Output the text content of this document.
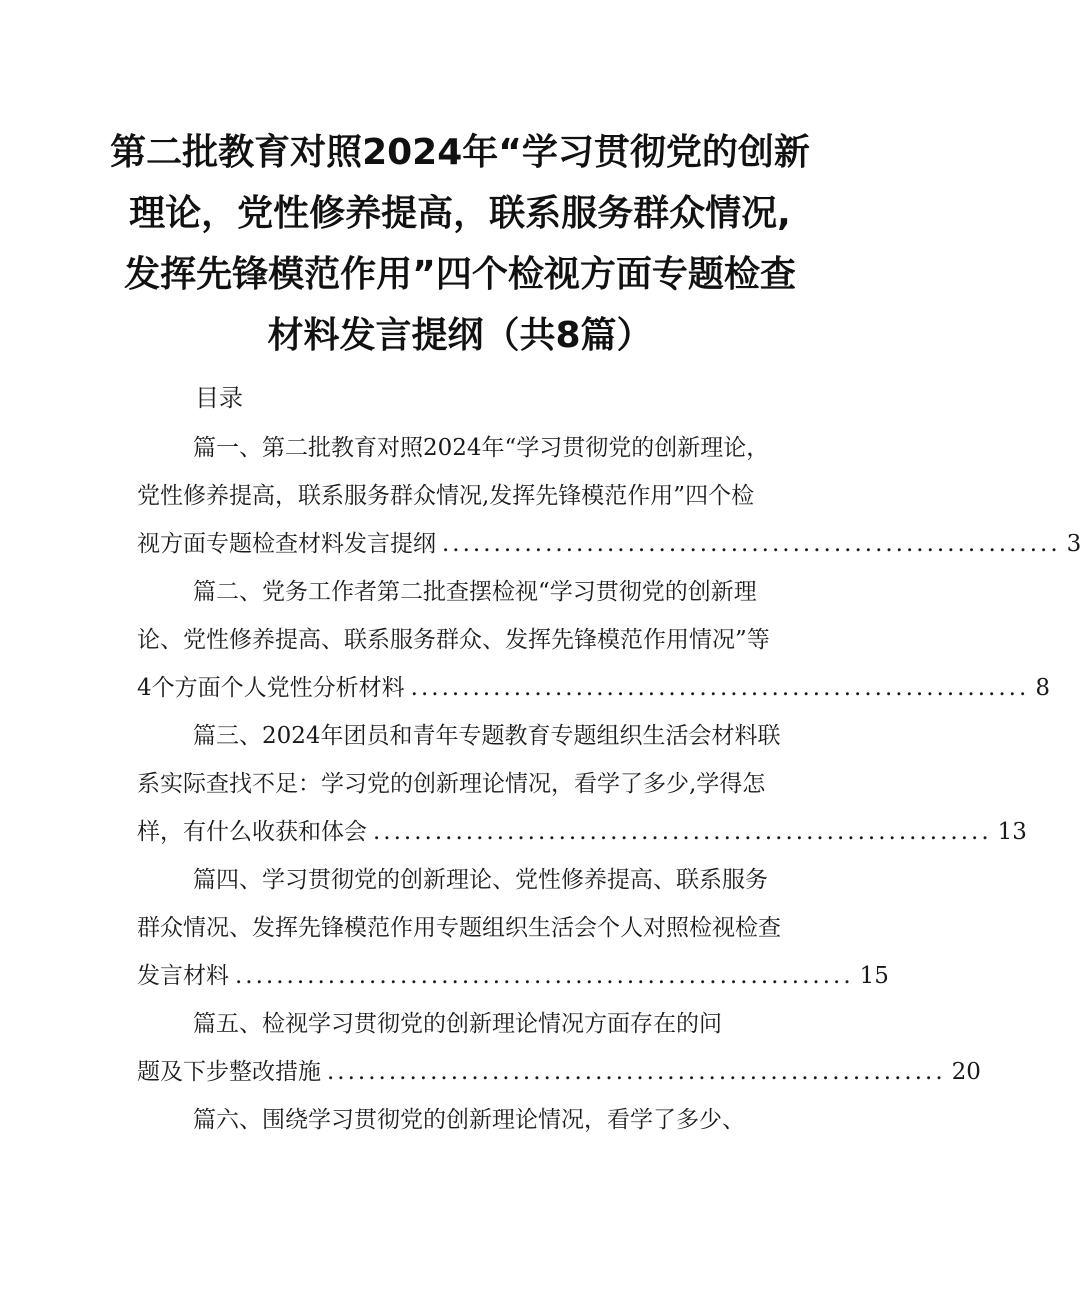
第二批教育对照2024年“学习贯彻党的创新
理论，党性修养提高，联系服务群众情况,
发挥先锋模范作用”四个检视方面专题检查
材料发言提纲（共8篇）
目录
篇一、第二批教育对照2024年“学习贯彻党的创新理论，
党性修养提高，联系服务群众情况,发挥先锋模范作用”四个检
视方面专题检查材料发言提纲 ............................................................ 3
篇二、党务工作者第二批查摆检视“学习贯彻党的创新理
论、党性修养提高、联系服务群众、发挥先锋模范作用情况”等
4个方面个人党性分析材料 ............................................................ 8
篇三、2024年团员和青年专题教育专题组织生活会材料联
系实际查找不足：学习党的创新理论情况，看学了多少,学得怎
样，有什么收获和体会 ............................................................ 13
篇四、学习贯彻党的创新理论、党性修养提高、联系服务
群众情况、发挥先锋模范作用专题组织生活会个人对照检视检查
发言材料 ............................................................ 15
篇五、检视学习贯彻党的创新理论情况方面存在的问
题及下步整改措施 ............................................................ 20
篇六、围绕学习贯彻党的创新理论情况，看学了多少、
